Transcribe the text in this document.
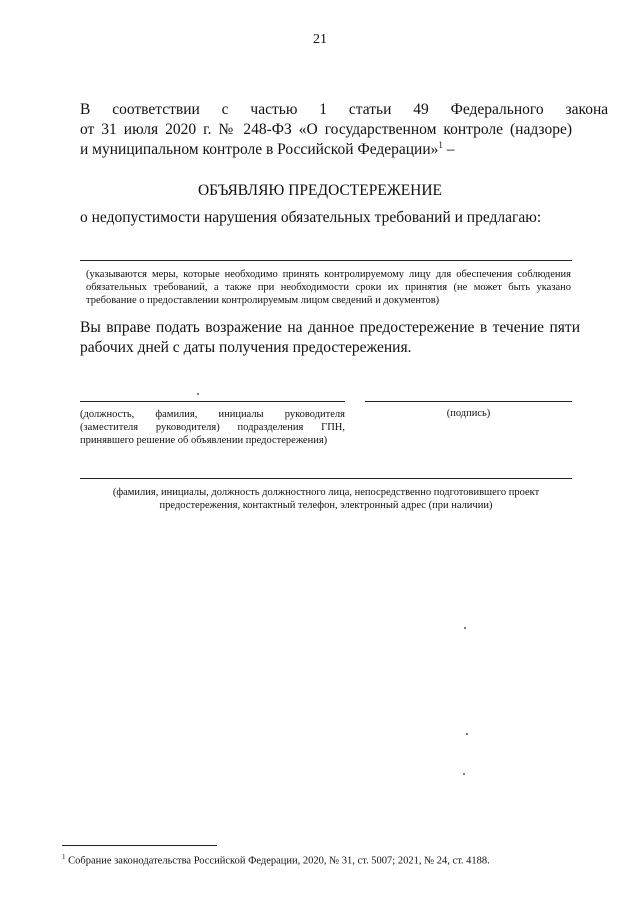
21

В соответствии с частью 1 статьи 49 Федерального закона
от 31 июля 2020 г. № 248-ФЗ «О государственном контроле (надзоре)
и муниципальном контроле в Российской Федерации»$^1$ –

ОБЪЯВЛЯЮ ПРЕДОСТЕРЕЖЕНИЕ
о недопустимости нарушения обязательных требований и предлагаю:
(указываются меры, которые необходимо принять контролируемому лицу для обеспечения соблюдения
обязательных требований, а также при необходимости сроки их принятия (не может быть указано
требование о предоставлении контролируемым лицом сведений и документов)
Вы вправе подать возражение на данное предостережение в течение пяти
рабочих дней с даты получения предостережения.
(должность, фамилия, инициалы руководителя
(заместителя руководителя) подразделения ГПН,
принявшего решение об объявлении предостережения)
(подпись)
(фамилия, инициалы, должность должностного лица, непосредственно подготовившего проект
предостережения, контактный телефон, электронный адрес (при наличии)
$^1$ Собрание законодательства Российской Федерации, 2020, № 31, ст. 5007; 2021, № 24, ст. 4188.
